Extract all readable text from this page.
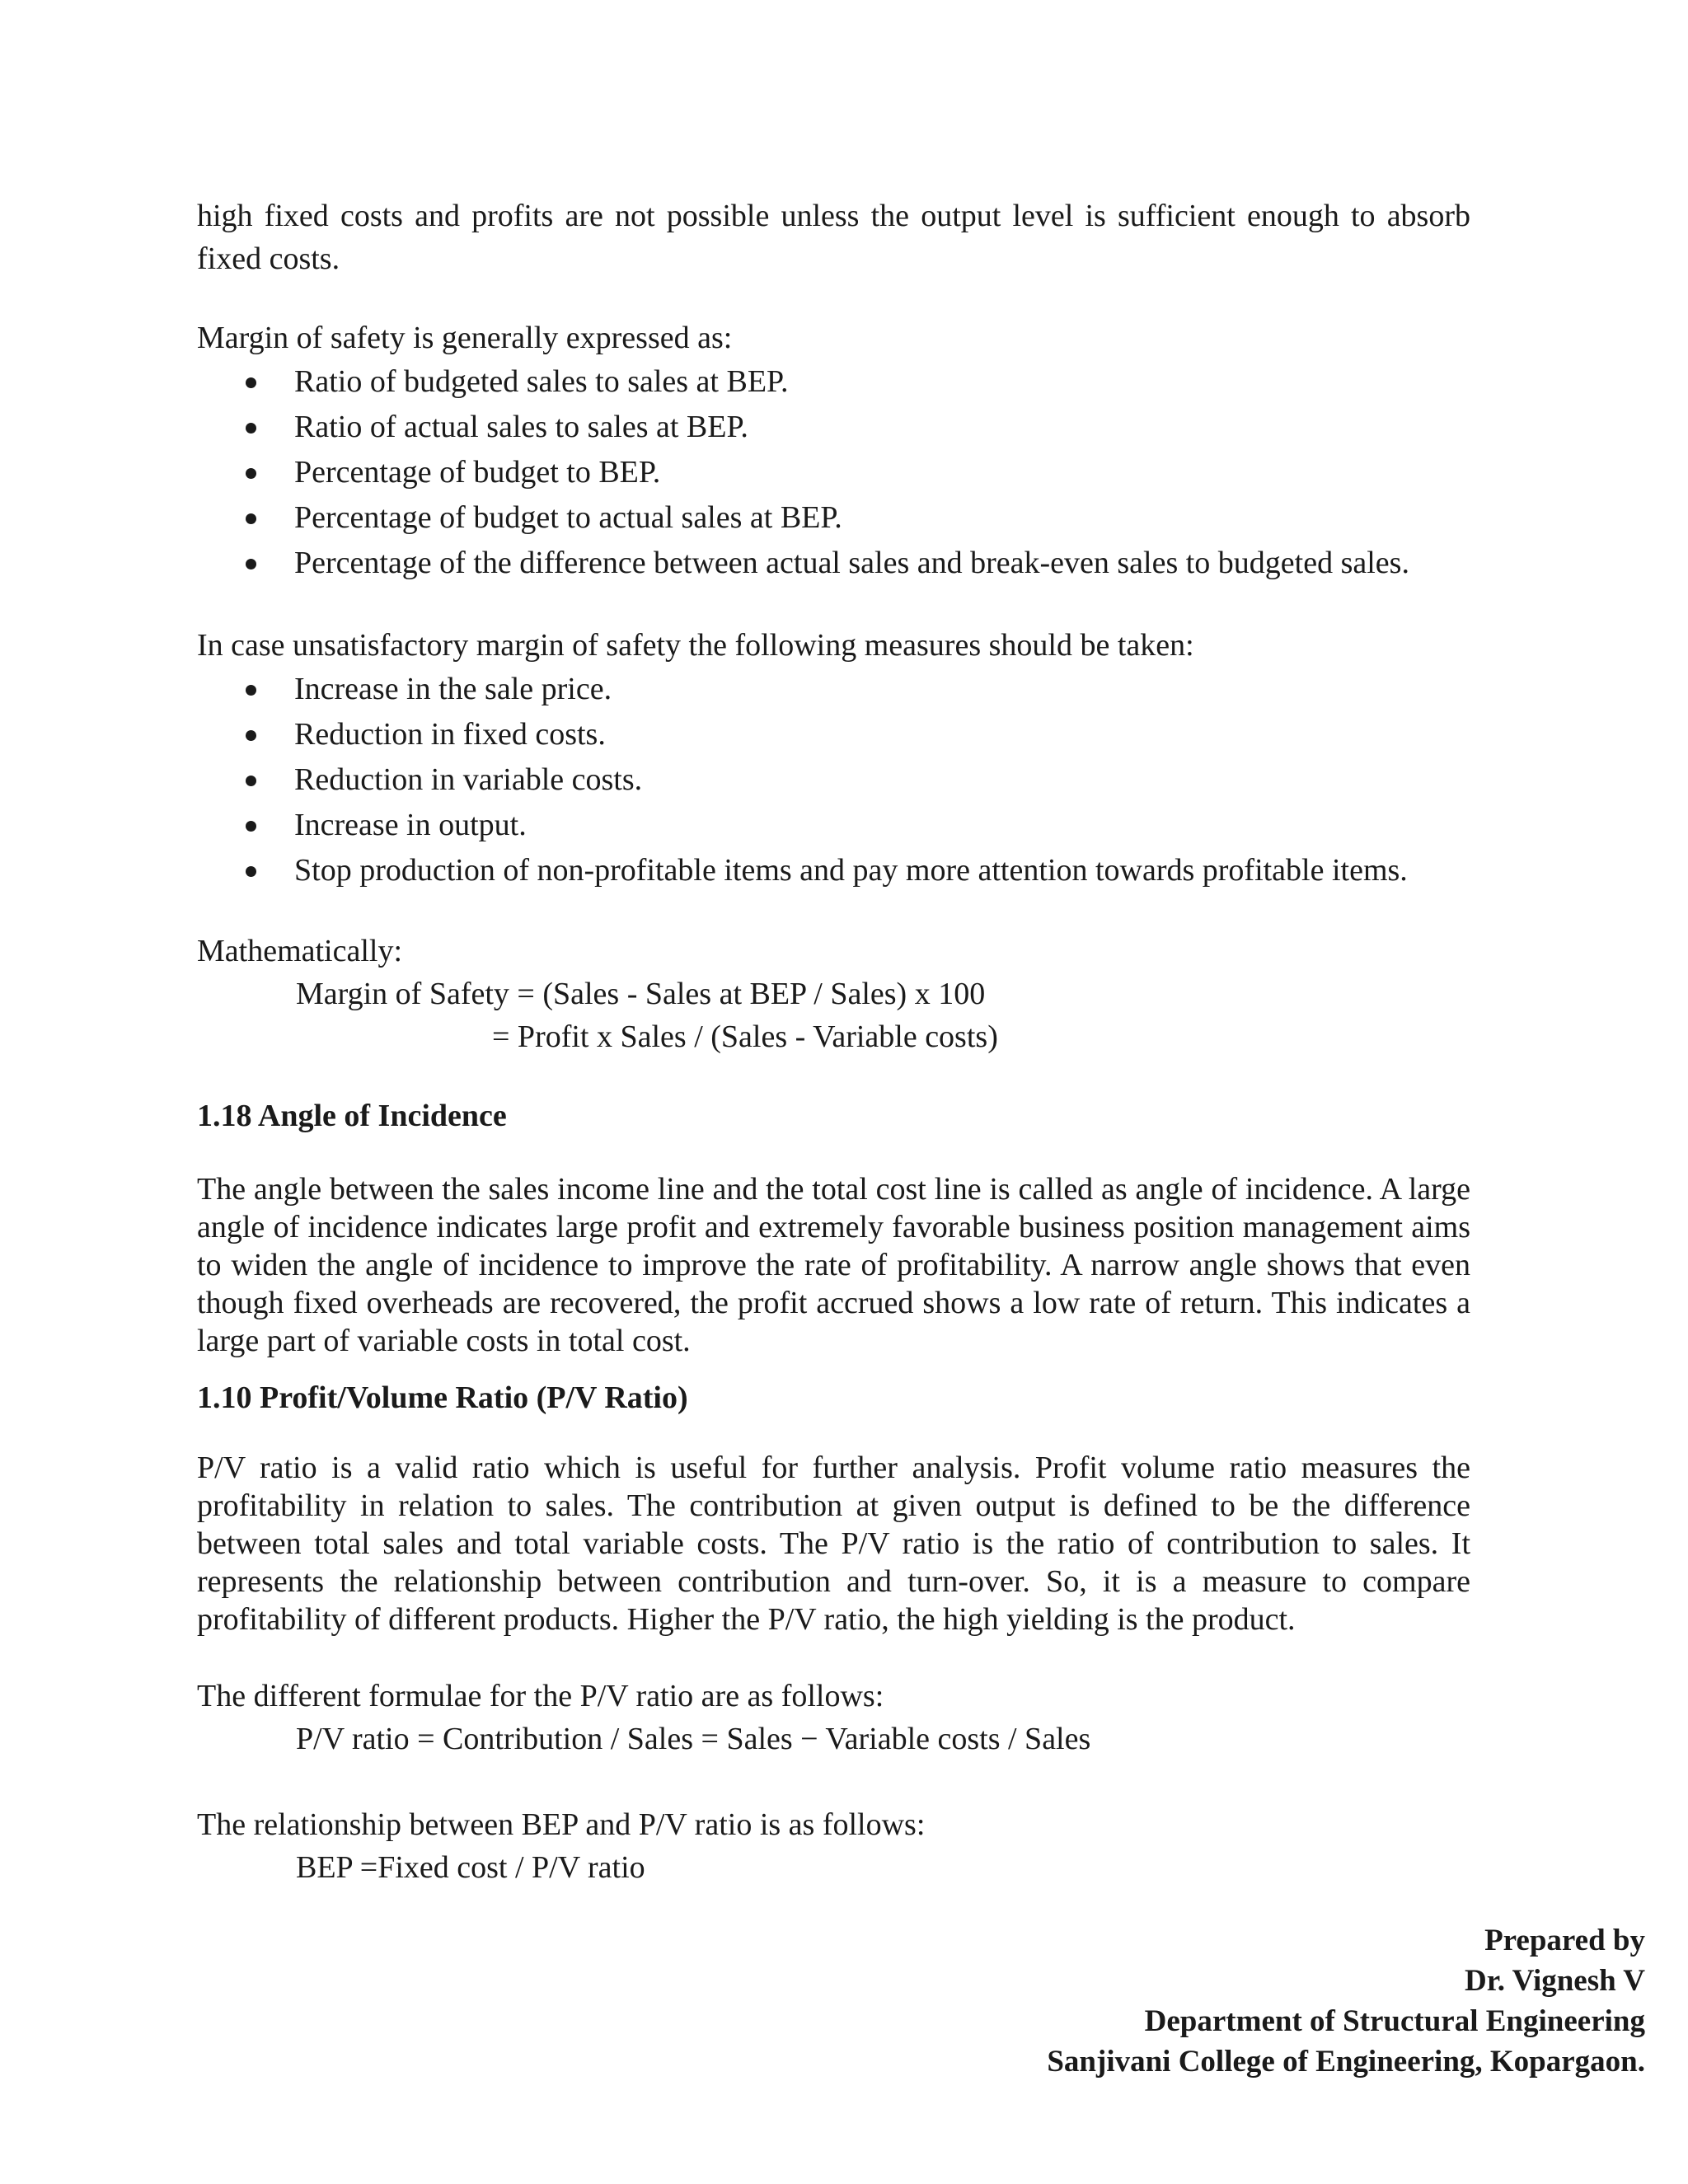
high fixed costs and profits are not possible unless the output level is sufficient enough to absorb fixed costs.

Margin of safety is generally expressed as:

Ratio of budgeted sales to sales at BEP.
Ratio of actual sales to sales at BEP.
Percentage of budget to BEP.
Percentage of budget to actual sales at BEP.
Percentage of the difference between actual sales and break-even sales to budgeted sales.

In case unsatisfactory margin of safety the following measures should be taken:

Increase in the sale price.
Reduction in fixed costs.
Reduction in variable costs.
Increase in output.
Stop production of non-profitable items and pay more attention towards profitable items.

Mathematically:

Margin of Safety = (Sales - Sales at BEP / Sales) x 100

= Profit x Sales / (Sales - Variable costs)

1.18 Angle of Incidence

The angle between the sales income line and the total cost line is called as angle of incidence. A large angle of incidence indicates large profit and extremely favorable business position management aims to widen the angle of incidence to improve the rate of profitability. A narrow angle shows that even though fixed overheads are recovered, the profit accrued shows a low rate of return. This indicates a large part of variable costs in total cost.

1.10 Profit/Volume Ratio (P/V Ratio)

P/V ratio is a valid ratio which is useful for further analysis. Profit volume ratio measures the profitability in relation to sales. The contribution at given output is defined to be the difference between total sales and total variable costs. The P/V ratio is the ratio of contribution to sales. It represents the relationship between contribution and turn-over. So, it is a measure to compare profitability of different products. Higher the P/V ratio, the high yielding is the product.

The different formulae for the P/V ratio are as follows:

P/V ratio = Contribution / Sales = Sales − Variable costs / Sales

The relationship between BEP and P/V ratio is as follows:

BEP =Fixed cost / P/V ratio

Prepared by
Dr. Vignesh V
Department of Structural Engineering
Sanjivani College of Engineering, Kopargaon.
